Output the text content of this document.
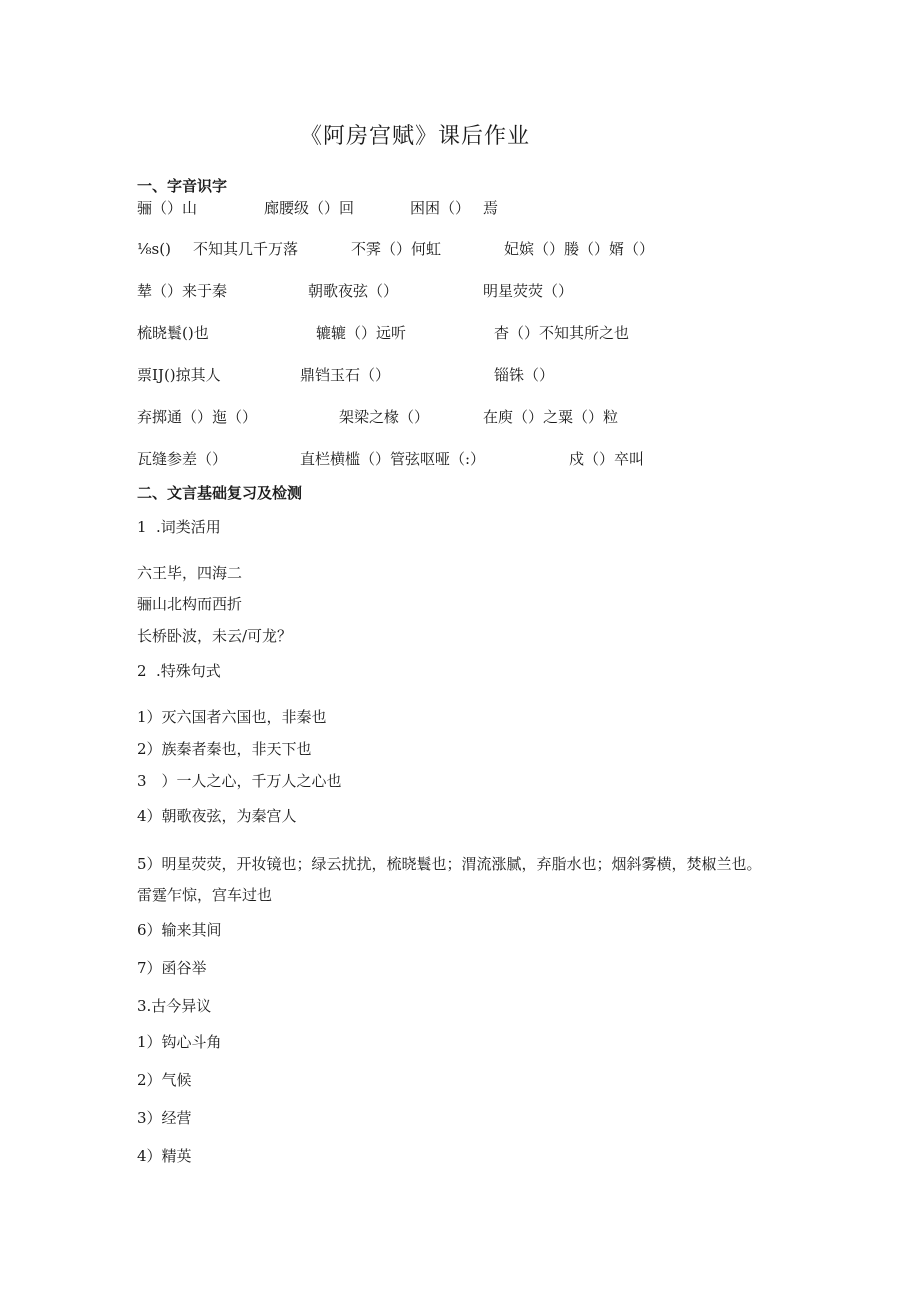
《阿房宫赋》课后作业
一、字音识字
骊（）山	廊腰级（）回	困困（） 焉
⅛s() 不知其几千万落	不霁（）何虹	妃嫔（）媵（）婿（）
辇（）来于秦	朝歌夜弦（）	明星荧荧（）
梳晓鬟()也	辘辘（）远听	杳（）不知其所之也
票IJ()掠其人	鼎铛玉石（）	锱铢（）
弃掷通（）迤（）	架梁之椽（）	在庾（）之粟（）粒
瓦缝参差（）	直栏横槛（）管弦呕哑（:）	戍（）卒叫
二、文言基础复习及检测
1 .词类活用
六王毕，四海二
骊山北构而西折
长桥卧波，未云/可龙？
2 .特殊句式
1）灭六国者六国也，非秦也
2）族秦者秦也，非天下也
3　）一人之心，千万人之心也
4）朝歌夜弦，为秦宫人
5）明星荧荧，开妆镜也；绿云扰扰，梳晓鬟也；渭流涨腻，弃脂水也；烟斜雾横，焚椒兰也。
雷霆乍惊，宫车过也
6）输来其间
7）函谷举
3.古今异议
1）钩心斗角
2）气候
3）经营
4）精英
